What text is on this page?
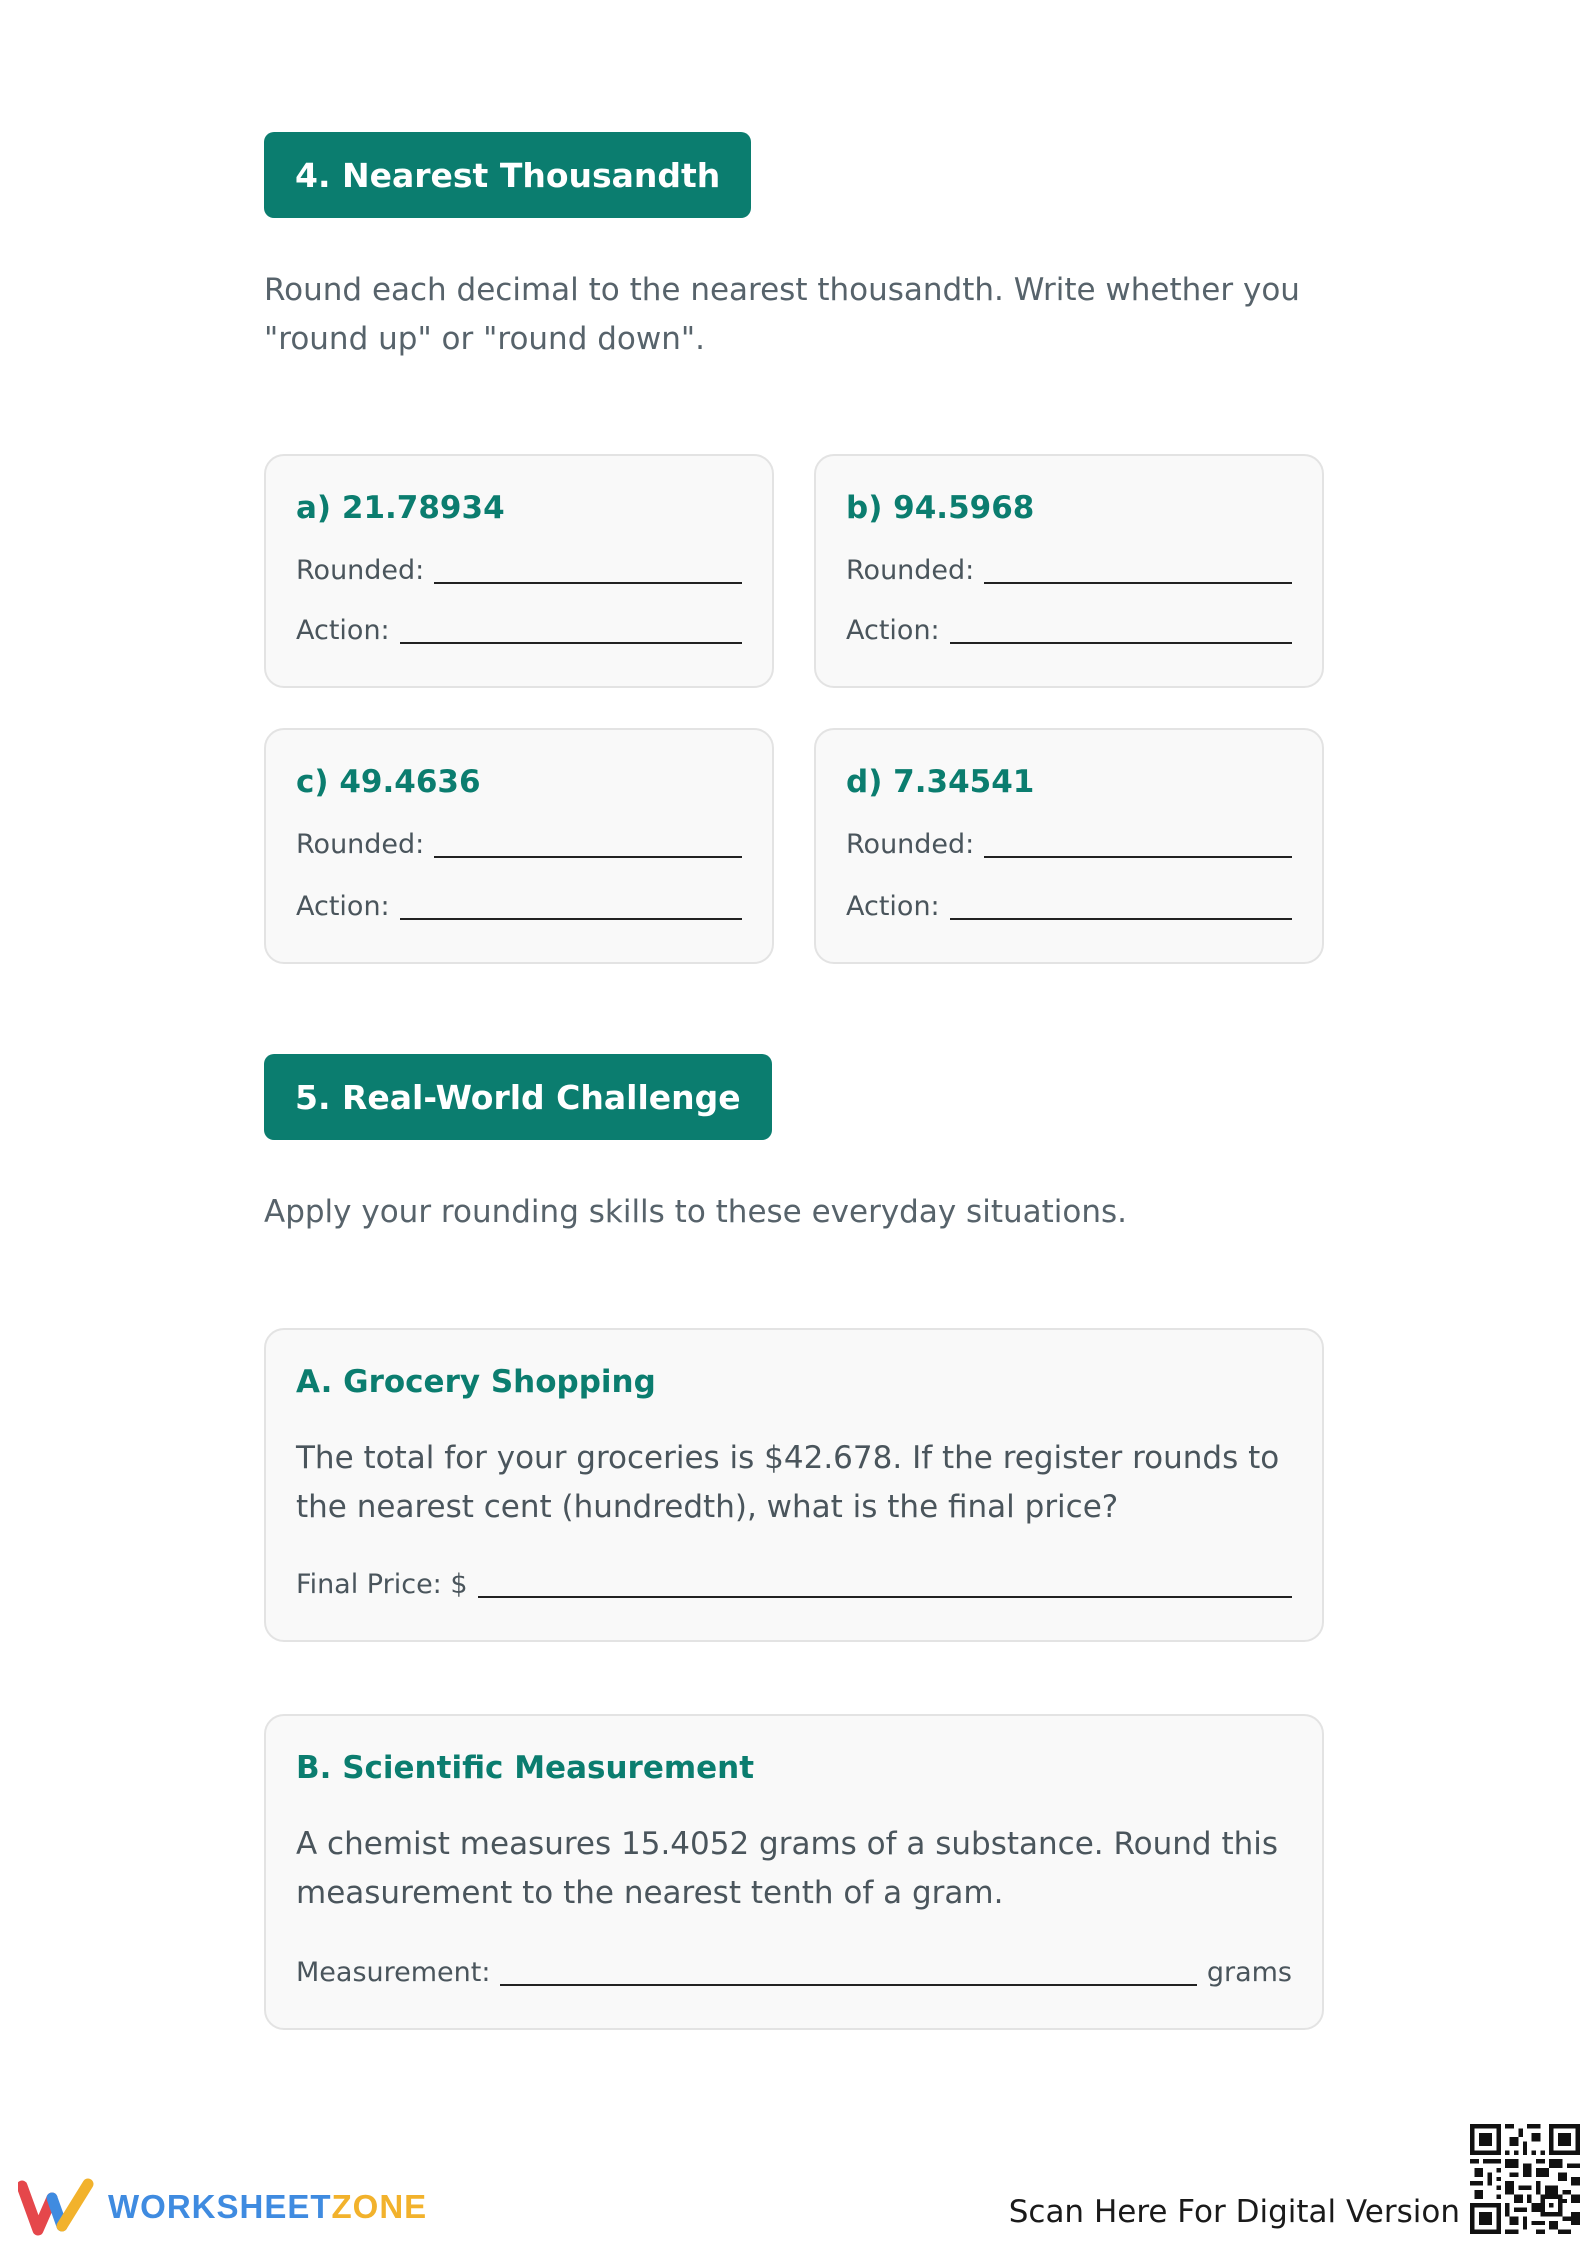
4. Nearest Thousandth

Round each decimal to the nearest thousandth. Write whether you "round up" or "round down".

a) 21.78934
Rounded:
Action:
b) 94.5968
Rounded:
Action:
c) 49.4636
Rounded:
Action:
d) 7.34541
Rounded:
Action:
5. Real-World Challenge

Apply your rounding skills to these everyday situations.

A. Grocery Shopping

The total for your groceries is $42.678. If the register rounds to the nearest cent (hundredth), what is the final price?

Final Price: $
B. Scientific Measurement

A chemist measures 15.4052 grams of a substance. Round this measurement to the nearest tenth of a gram.

Measurement:	grams
WORKSHEETZONE	Scan Here For Digital Version
